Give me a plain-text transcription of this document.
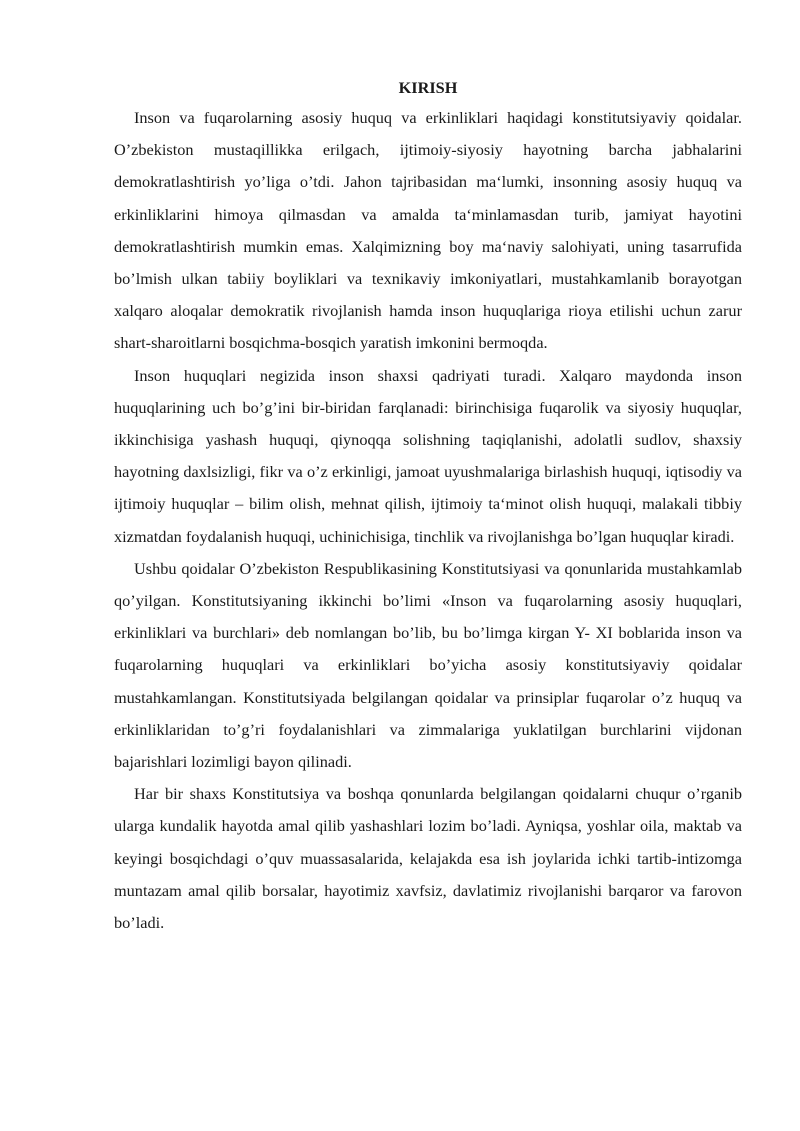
KIRISH

Inson va fuqarolarning asosiy huquq va erkinliklari haqidagi konstitutsiyaviy qoidalar. O’zbekiston mustaqillikka erilgach, ijtimoiy-siyosiy hayotning barcha jabhalarini demokratlashtirish yo’liga o’tdi. Jahon tajribasidan ma‘lumki, insonning asosiy huquq va erkinliklarini himoya qilmasdan va amalda ta‘minlamasdan turib, jamiyat hayotini demokratlashtirish mumkin emas. Xalqimizning boy ma‘naviy salohiyati, uning tasarrufida bo’lmish ulkan tabiiy boyliklari va texnikaviy imkoniyatlari, mustahkamlanib borayotgan xalqaro aloqalar demokratik rivojlanish hamda inson huquqlariga rioya etilishi uchun zarur shart-sharoitlarni bosqichma-bosqich yaratish imkonini bermoqda.

Inson huquqlari negizida inson shaxsi qadriyati turadi. Xalqaro maydonda inson huquqlarining uch bo’g’ini bir-biridan farqlanadi: birinchisiga fuqarolik va siyosiy huquqlar, ikkinchisiga yashash huquqi, qiynoqqa solishning taqiqlanishi, adolatli sudlov, shaxsiy hayotning daxlsizligi, fikr va o’z erkinligi, jamoat uyushmalariga birlashish huquqi, iqtisodiy va ijtimoiy huquqlar – bilim olish, mehnat qilish, ijtimoiy ta‘minot olish huquqi, malakali tibbiy xizmatdan foydalanish huquqi, uchinichisiga, tinchlik va rivojlanishga bo’lgan huquqlar kiradi.

Ushbu qoidalar O’zbekiston Respublikasining Konstitutsiyasi va qonunlarida mustahkamlab qo’yilgan. Konstitutsiyaning ikkinchi bo’limi «Inson va fuqarolarning asosiy huquqlari, erkinliklari va burchlari» deb nomlangan bo’lib, bu bo’limga kirgan Y- XI boblarida inson va fuqarolarning huquqlari va erkinliklari bo’yicha asosiy konstitutsiyaviy qoidalar mustahkamlangan. Konstitutsiyada belgilangan qoidalar va prinsiplar fuqarolar o’z huquq va erkinliklaridan to’g’ri foydalanishlari va zimmalariga yuklatilgan burchlarini vijdonan bajarishlari lozimligi bayon qilinadi.

Har bir shaxs Konstitutsiya va boshqa qonunlarda belgilangan qoidalarni chuqur o’rganib ularga kundalik hayotda amal qilib yashashlari lozim bo’ladi. Ayniqsa, yoshlar oila, maktab va keyingi bosqichdagi o’quv muassasalarida, kelajakda esa ish joylarida ichki tartib-intizomga muntazam amal qilib borsalar, hayotimiz xavfsiz, davlatimiz rivojlanishi barqaror va farovon bo’ladi.
